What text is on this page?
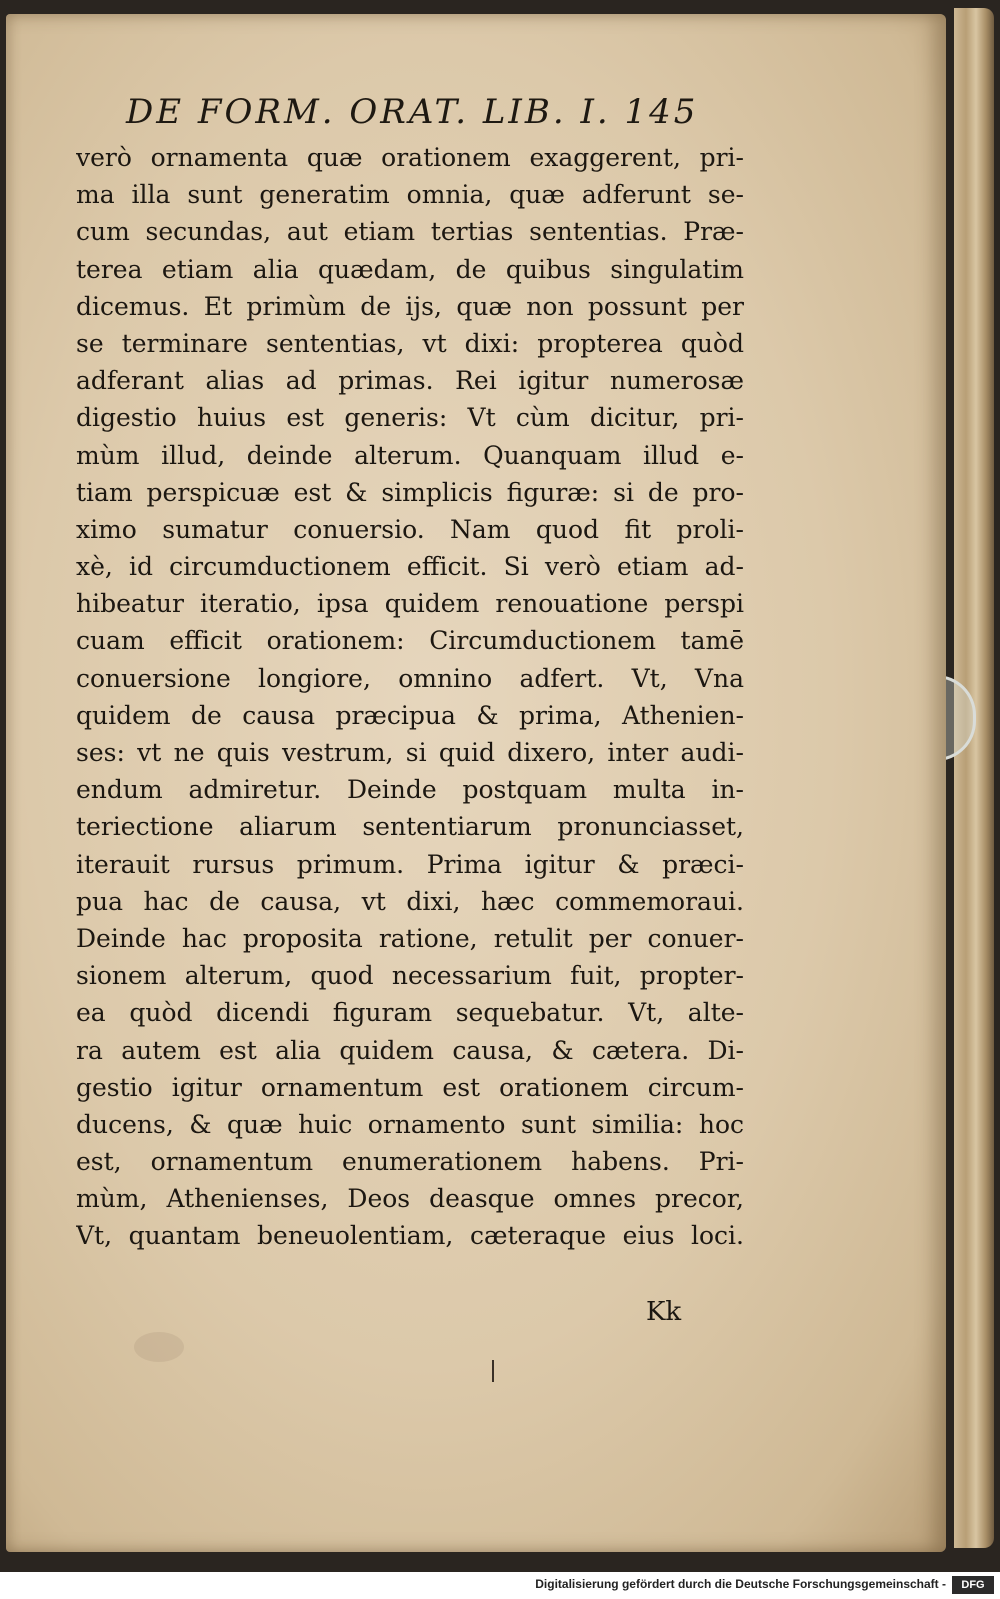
DE FORM. ORAT. LIB. I. 145
verò ornamenta quæ orationem exaggerent, pri-
ma illa sunt generatim omnia, quæ adferunt se-
cum secundas, aut etiam tertias sententias. Præ-
terea etiam alia quædam, de quibus singulatim
dicemus. Et primùm de ijs, quæ non possunt per
se terminare sententias, vt dixi: propterea quòd
adferant alias ad primas. Rei igitur numerosæ
digestio huius est generis: Vt cùm dicitur, pri-
mùm illud, deinde alterum. Quanquam illud e-
tiam perspicuæ est & simplicis figuræ: si de pro-
ximo sumatur conuersio. Nam quod fit proli-
xè, id circumductionem efficit. Si verò etiam ad-
hibeatur iteratio, ipsa quidem renouatione perspi
cuam efficit orationem: Circumductionem tamē
conuersione longiore, omnino adfert. Vt, Vna
quidem de causa præcipua & prima, Athenien-
ses: vt ne quis vestrum, si quid dixero, inter audi-
endum admiretur. Deinde postquam multa in-
teriectione aliarum sententiarum pronunciasset,
iterauit rursus primum. Prima igitur & præci-
pua hac de causa, vt dixi, hæc commemoraui.
Deinde hac proposita ratione, retulit per conuer-
sionem alterum, quod necessarium fuit, propter-
ea quòd dicendi figuram sequebatur. Vt, alte-
ra autem est alia quidem causa, & cætera. Di-
gestio igitur ornamentum est orationem circum-
ducens, & quæ huic ornamento sunt similia: hoc
est, ornamentum enumerationem habens. Pri-
mùm, Athenienses, Deos deasque omnes precor,
Vt, quantam beneuolentiam, cæteraque eius loci.
Kk
Digitalisierung gefördert durch die Deutsche Forschungsgemeinschaft -	DFG
